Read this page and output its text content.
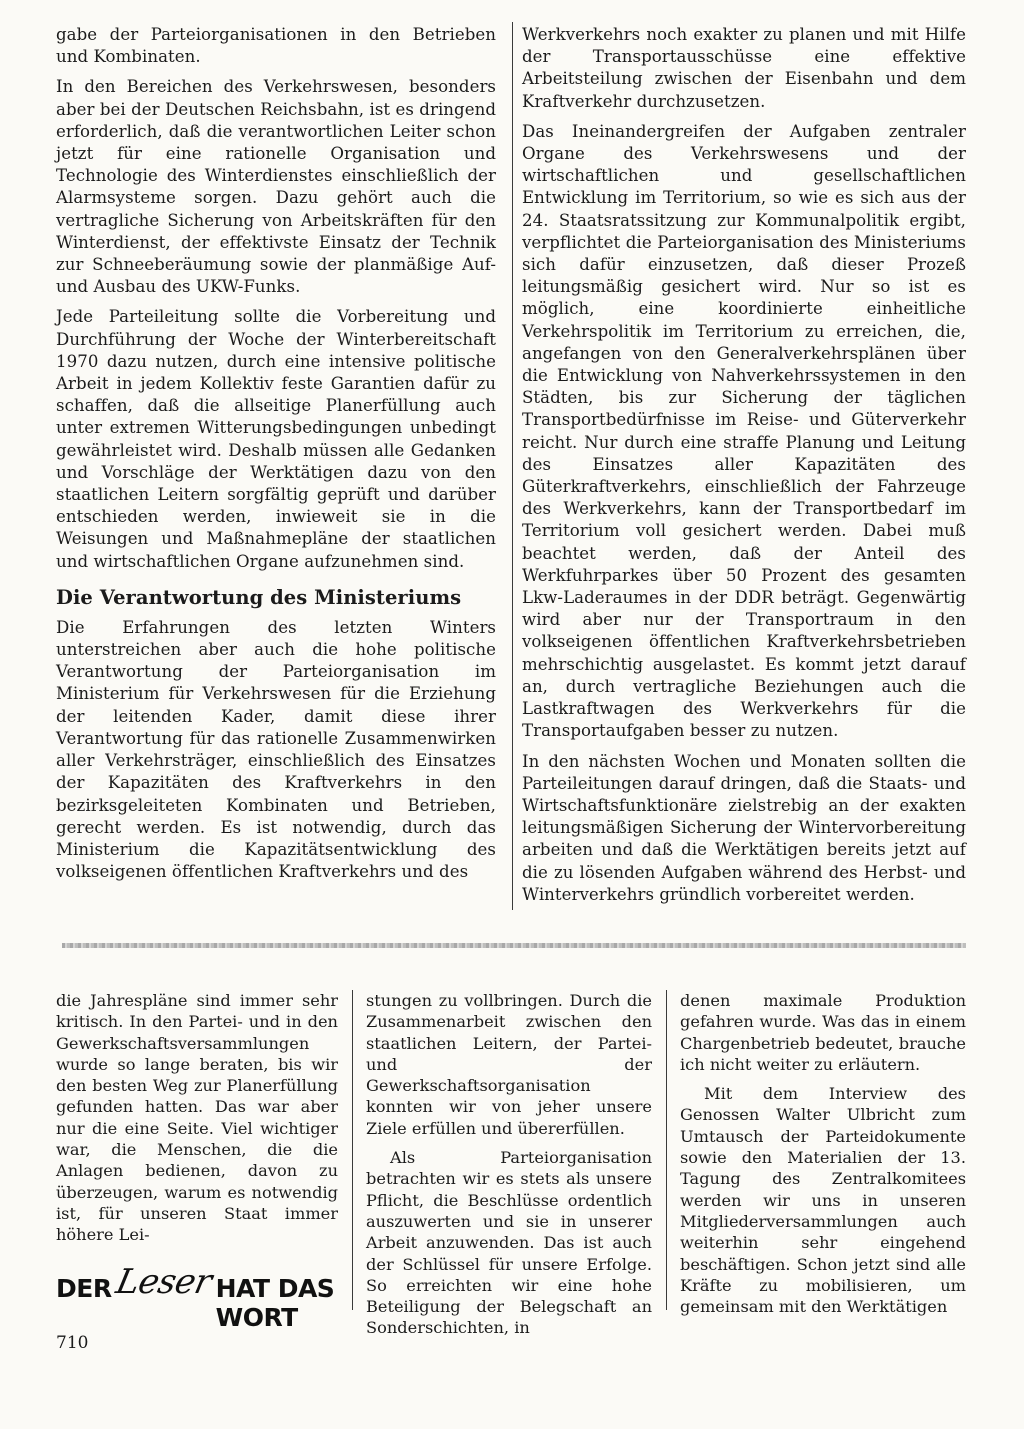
gabe der Parteiorganisationen in den Betrieben und Kombinaten.

In den Bereichen des Verkehrswesen, besonders aber bei der Deutschen Reichsbahn, ist es dringend erforderlich, daß die verantwortlichen Leiter schon jetzt für eine rationelle Organisation und Technologie des Winterdienstes einschließlich der Alarmsysteme sorgen. Dazu gehört auch die vertragliche Sicherung von Arbeitskräften für den Winterdienst, der effektivste Einsatz der Technik zur Schneeberäumung sowie der planmäßige Auf- und Ausbau des UKW-Funks.

Jede Parteileitung sollte die Vorbereitung und Durchführung der Woche der Winterbereitschaft 1970 dazu nutzen, durch eine intensive politische Arbeit in jedem Kollektiv feste Garantien dafür zu schaffen, daß die allseitige Planerfüllung auch unter extremen Witterungsbedingungen unbedingt gewährleistet wird. Deshalb müssen alle Gedanken und Vorschläge der Werktätigen dazu von den staatlichen Leitern sorgfältig geprüft und darüber entschieden werden, inwieweit sie in die Weisungen und Maßnahmepläne der staatlichen und wirtschaftlichen Organe aufzunehmen sind.

Die Verantwortung des Ministeriums

Die Erfahrungen des letzten Winters unterstreichen aber auch die hohe politische Verantwortung der Parteiorganisation im Ministerium für Verkehrswesen für die Erziehung der leitenden Kader, damit diese ihrer Verantwortung für das rationelle Zusammenwirken aller Verkehrsträger, einschließlich des Einsatzes der Kapazitäten des Kraftverkehrs in den bezirksgeleiteten Kombinaten und Betrieben, gerecht werden. Es ist notwendig, durch das Ministerium die Kapazitätsentwicklung des volkseigenen öffentlichen Kraftverkehrs und des

Werkverkehrs noch exakter zu planen und mit Hilfe der Transportausschüsse eine effektive Arbeitsteilung zwischen der Eisenbahn und dem Kraftverkehr durchzusetzen.

Das Ineinandergreifen der Aufgaben zentraler Organe des Verkehrswesens und der wirtschaftlichen und gesellschaftlichen Entwicklung im Territorium, so wie es sich aus der 24. Staatsratssitzung zur Kommunalpolitik ergibt, verpflichtet die Parteiorganisation des Ministeriums sich dafür einzusetzen, daß dieser Prozeß leitungsmäßig gesichert wird. Nur so ist es möglich, eine koordinierte einheitliche Verkehrspolitik im Territorium zu erreichen, die, angefangen von den Generalverkehrsplänen über die Entwicklung von Nahverkehrssystemen in den Städten, bis zur Sicherung der täglichen Transportbedürfnisse im Reise- und Güterverkehr reicht. Nur durch eine straffe Planung und Leitung des Einsatzes aller Kapazitäten des Güterkraftverkehrs, einschließlich der Fahrzeuge des Werkverkehrs, kann der Transportbedarf im Territorium voll gesichert werden. Dabei muß beachtet werden, daß der Anteil des Werkfuhrparkes über 50 Prozent des gesamten Lkw-Laderaumes in der DDR beträgt. Gegenwärtig wird aber nur der Transportraum in den volkseigenen öffentlichen Kraftverkehrsbetrieben mehrschichtig ausgelastet. Es kommt jetzt darauf an, durch vertragliche Beziehungen auch die Lastkraftwagen des Werkverkehrs für die Transportaufgaben besser zu nutzen.

In den nächsten Wochen und Monaten sollten die Parteileitungen darauf dringen, daß die Staats- und Wirtschaftsfunktionäre zielstrebig an der exakten leitungsmäßigen Sicherung der Wintervorbereitung arbeiten und daß die Werktätigen bereits jetzt auf die zu lösenden Aufgaben während des Herbst- und Winterverkehrs gründlich vorbereitet werden.

die Jahrespläne sind immer sehr kritisch. In den Partei- und in den Gewerkschaftsversammlungen wurde so lange beraten, bis wir den besten Weg zur Planerfüllung gefunden hatten. Das war aber nur die eine Seite. Viel wichtiger war, die Menschen, die die Anlagen bedienen, davon zu überzeugen, warum es notwendig ist, für unseren Staat immer höhere Lei-

stungen zu vollbringen. Durch die Zusammenarbeit zwischen den staatlichen Leitern, der Partei- und der Gewerkschaftsorganisation konnten wir von jeher unsere Ziele erfüllen und übererfüllen.

Als Parteiorganisation betrachten wir es stets als unsere Pflicht, die Beschlüsse ordentlich auszuwerten und sie in unserer Arbeit anzuwenden. Das ist auch der Schlüssel für unsere Erfolge. So erreichten wir eine hohe Beteiligung der Belegschaft an Sonderschichten, in

denen maximale Produktion gefahren wurde. Was das in einem Chargenbetrieb bedeutet, brauche ich nicht weiter zu erläutern.

Mit dem Interview des Genossen Walter Ulbricht zum Umtausch der Parteidokumente sowie den Materialien der 13. Tagung des Zentralkomitees werden wir uns in unseren Mitgliederversammlungen auch weiterhin sehr eingehend beschäftigen. Schon jetzt sind alle Kräfte zu mobilisieren, um gemeinsam mit den Werktätigen

DER Leser HAT DAS WORT
710
